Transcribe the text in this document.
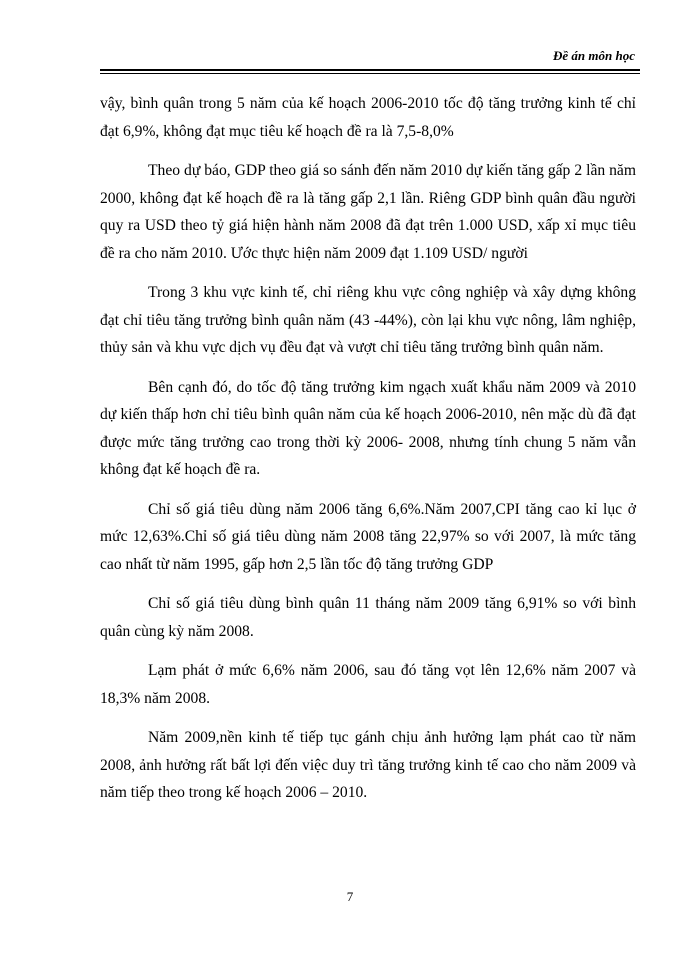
Đề án môn học

vậy, bình quân trong 5 năm của kế hoạch 2006-2010 tốc độ tăng trưởng kinh tế chỉ đạt 6,9%, không đạt mục tiêu kế hoạch đề ra là 7,5-8,0%

Theo dự báo, GDP theo giá so sánh đến năm 2010 dự kiến tăng gấp 2 lần năm 2000, không đạt kế hoạch đề ra là tăng gấp 2,1 lần. Riêng GDP bình quân đầu người quy ra USD theo tỷ giá hiện hành năm 2008 đã đạt trên 1.000 USD, xấp xỉ mục tiêu đề ra cho năm 2010. Ước thực hiện năm 2009 đạt 1.109 USD/ người

Trong 3 khu vực kinh tế, chỉ riêng khu vực công nghiệp và xây dựng không đạt chỉ tiêu tăng trưởng bình quân năm (43 -44%), còn lại khu vực nông, lâm nghiệp, thủy sản và khu vực dịch vụ đều đạt và vượt chỉ tiêu tăng trưởng bình quân năm.

Bên cạnh đó, do tốc độ tăng trưởng kim ngạch xuất khẩu năm 2009 và 2010 dự kiến thấp hơn chỉ tiêu bình quân năm của kế hoạch 2006-2010, nên mặc dù đã đạt được mức tăng trưởng cao trong thời kỳ 2006- 2008, nhưng tính chung 5 năm vẫn không đạt kế hoạch đề ra.

Chỉ số giá tiêu dùng năm 2006 tăng 6,6%.Năm 2007,CPI tăng cao kỉ lục ở mức 12,63%.Chỉ số giá tiêu dùng năm 2008 tăng 22,97% so với 2007, là mức tăng cao nhất từ năm 1995, gấp hơn 2,5 lần tốc độ tăng trưởng GDP

Chỉ số giá tiêu dùng bình quân 11 tháng năm 2009 tăng 6,91% so với bình quân cùng kỳ năm 2008.

Lạm phát ở mức 6,6% năm 2006, sau đó tăng vọt lên 12,6% năm 2007 và 18,3% năm 2008.

Năm 2009,nền kinh tế tiếp tục gánh chịu ảnh hưởng lạm phát cao từ năm 2008, ảnh hưởng rất bất lợi đến việc duy trì tăng trưởng kinh tế cao cho năm 2009 và năm tiếp theo trong kế hoạch 2006 – 2010.

7
